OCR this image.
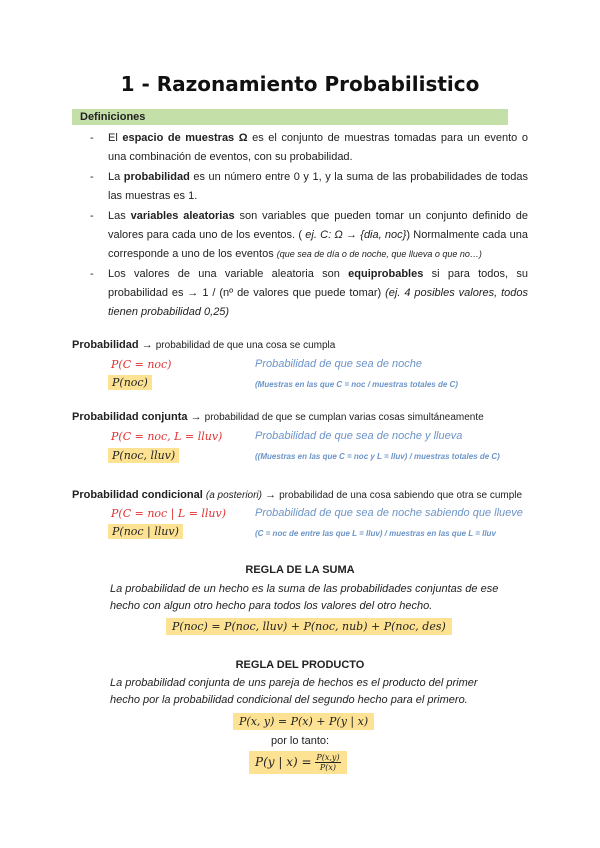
1 - Razonamiento Probabilistico
Definiciones
- El espacio de muestras Ω es el conjunto de muestras tomadas para un evento o una combinación de eventos, con su probabilidad.
- La probabilidad es un número entre 0 y 1, y la suma de las probabilidades de todas las muestras es 1.
- Las variables aleatorias son variables que pueden tomar un conjunto definido de valores para cada uno de los eventos. ( ej. C: Ω → {dia, noc}) Normalmente cada una corresponde a uno de los eventos (que sea de día o de noche, que llueva o que no…)
- Los valores de una variable aleatoria son equiprobables si para todos, su probabilidad es → 1 / (nº de valores que puede tomar) (ej. 4 posibles valores, todos tienen probabilidad 0,25)
Probabilidad → probabilidad de que una cosa se cumpla
P(C = noc)	Probabilidad de que sea de noche
P(noc)	(Muestras en las que C = noc / muestras totales de C)
Probabilidad conjunta → probabilidad de que se cumplan varias cosas simultáneamente
P(C = noc, L = lluv)	Probabilidad de que sea de noche y llueva
P(noc, lluv)	((Muestras en las que C = noc y L = lluv) / muestras totales de C)
Probabilidad condicional (a posteriori) → probabilidad de una cosa sabiendo que otra se cumple
P(C = noc | L = lluv)	Probabilidad de que sea de noche sabiendo que llueve
P(noc | lluv)	(C = noc de entre las que L = lluv) / muestras en las que L = lluv
REGLA DE LA SUMA
La probabilidad de un hecho es la suma de las probabilidades conjuntas de ese hecho con algun otro hecho para todos los valores del otro hecho.
P(noc) = P(noc, lluv) + P(noc, nub) + P(noc, des)
REGLA DEL PRODUCTO
La probabilidad conjunta de uns pareja de hechos es el producto del primer hecho por la probabilidad condicional del segundo hecho para el primero.
P(x, y) = P(x) + P(y | x)
por lo tanto:
P(y | $x) = \frac{P(x,y)}{P(x)}$
